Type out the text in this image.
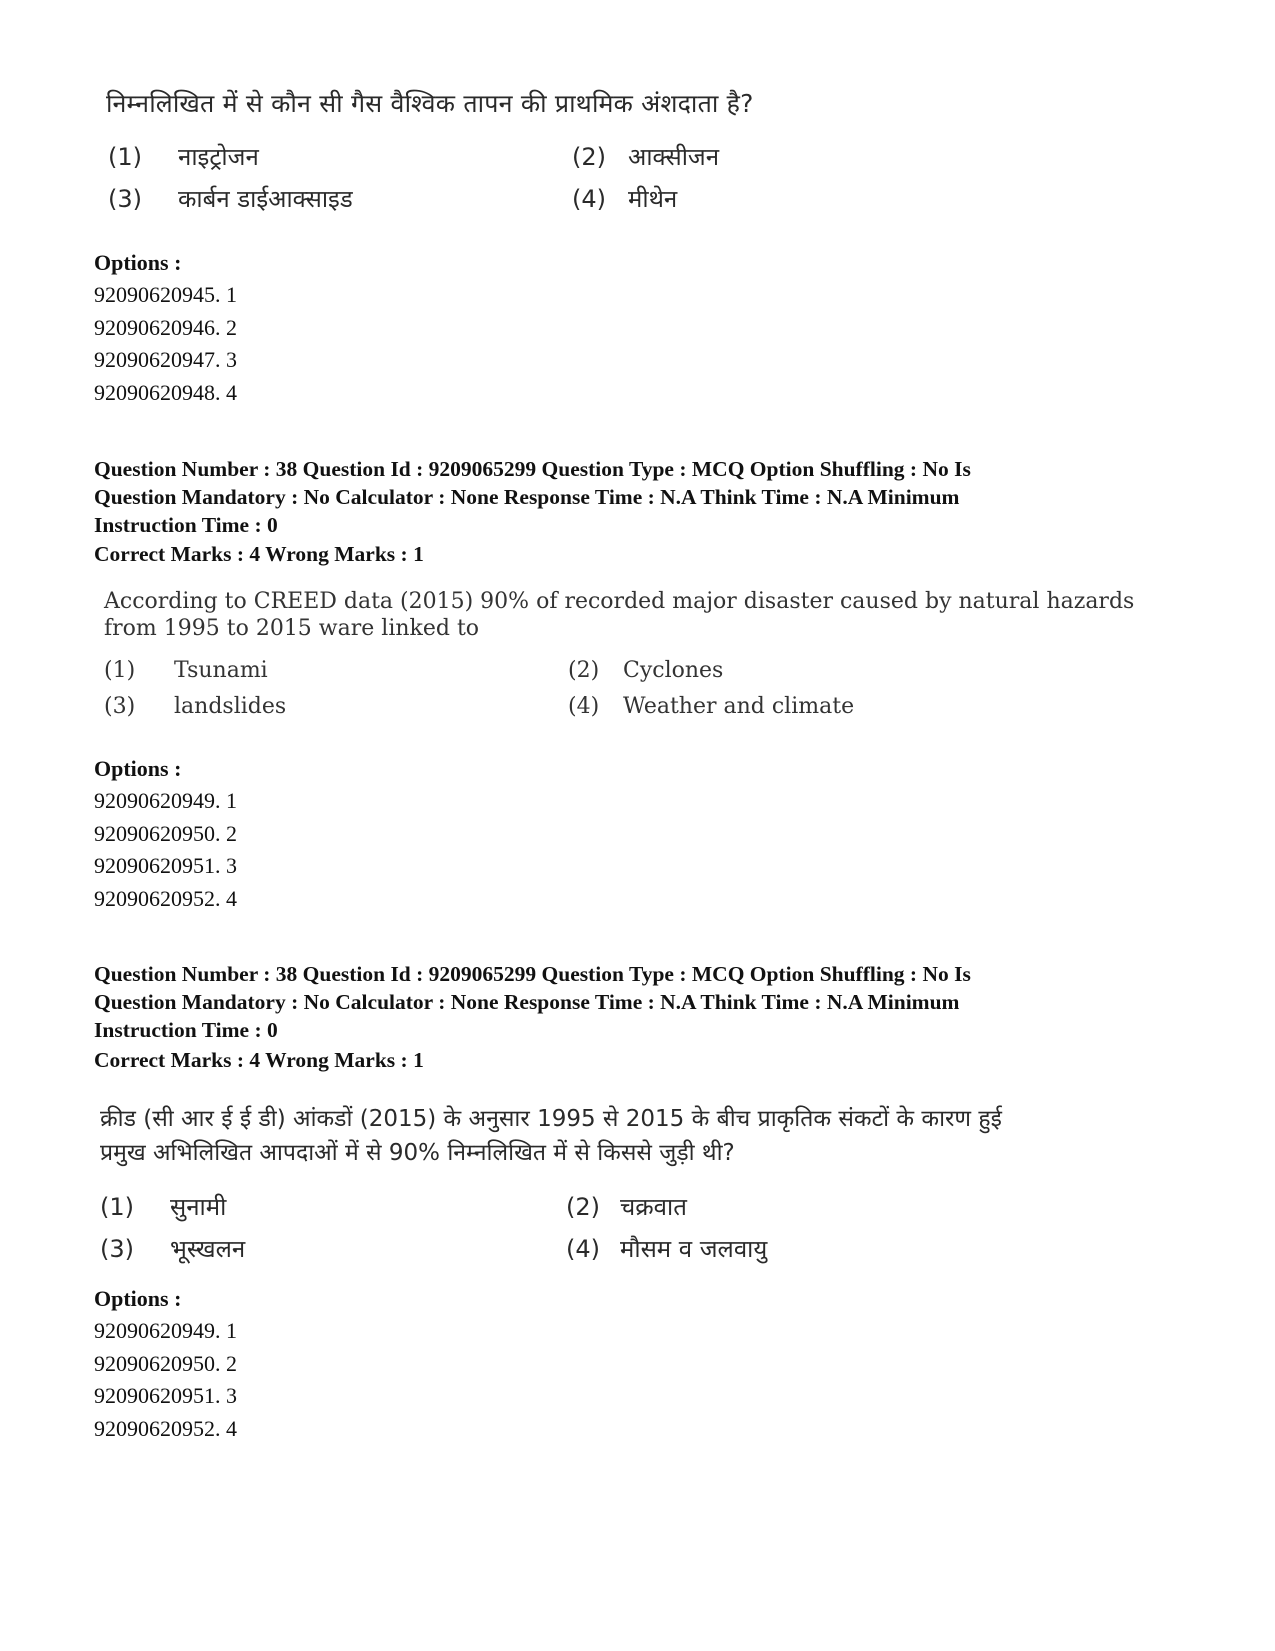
निम्नलिखित में से कौन सी गैस वैश्विक तापन की प्राथमिक अंशदाता है?
(1) नाइट्रोजन	(2) आक्सीजन
(3) कार्बन डाईआक्साइड	(4) मीथेन
Options :
92090620945. 1
92090620946. 2
92090620947. 3
92090620948. 4
Question Number : 38 Question Id : 9209065299 Question Type : MCQ Option Shuffling : No Is
Question Mandatory : No Calculator : None Response Time : N.A Think Time : N.A Minimum
Instruction Time : 0
Correct Marks : 4 Wrong Marks : 1
According to CREED data (2015) 90% of recorded major disaster caused by natural hazards
from 1995 to 2015 ware linked to
(1) Tsunami	(2) Cyclones
(3) landslides	(4) Weather and climate
Options :
92090620949. 1
92090620950. 2
92090620951. 3
92090620952. 4
Question Number : 38 Question Id : 9209065299 Question Type : MCQ Option Shuffling : No Is
Question Mandatory : No Calculator : None Response Time : N.A Think Time : N.A Minimum
Instruction Time : 0
Correct Marks : 4 Wrong Marks : 1
क्रीड (सी आर ई ई डी) आंकडों (2015) के अनुसार 1995 से 2015 के बीच प्राकृतिक संकटों के कारण हुई
प्रमुख अभिलिखित आपदाओं में से 90% निम्नलिखित में से किससे जुड़ी थी?
(1) सुनामी	(2) चक्रवात
(3) भूस्खलन	(4) मौसम व जलवायु
Options :
92090620949. 1
92090620950. 2
92090620951. 3
92090620952. 4
